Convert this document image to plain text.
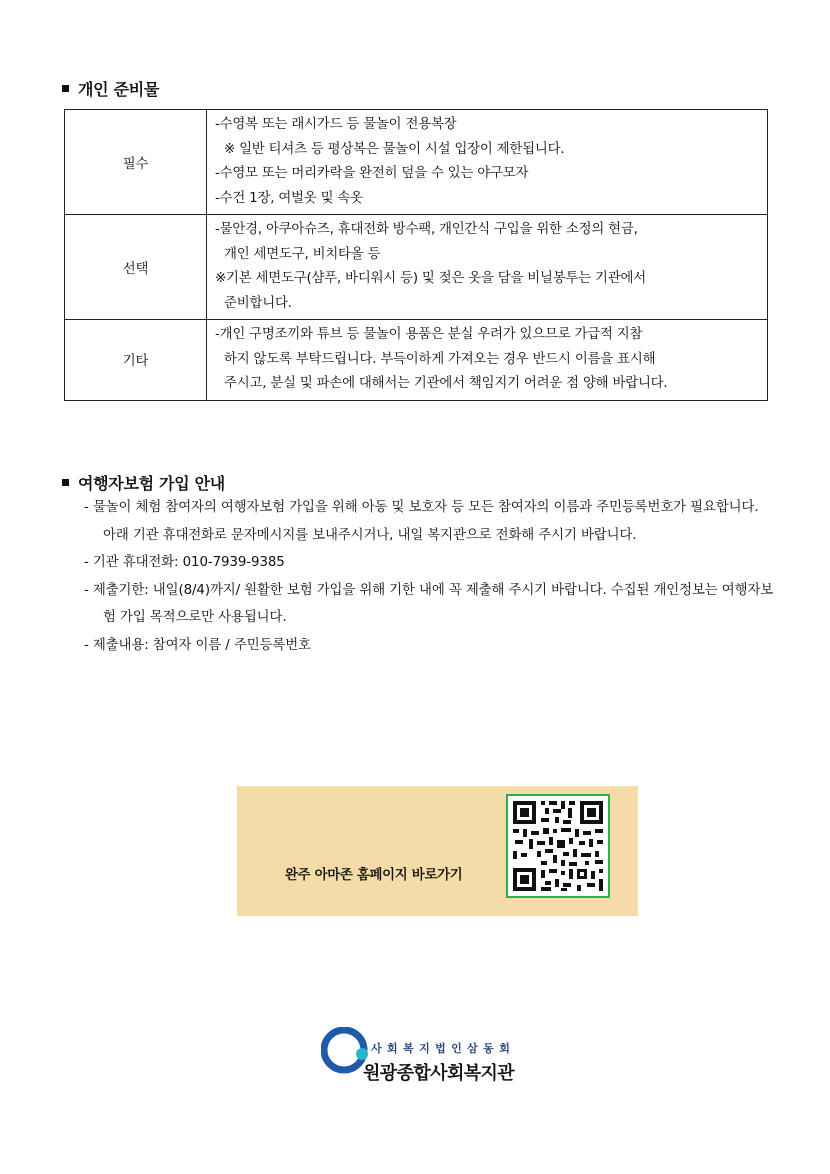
개인 준비물
필수	-수영복 또는 래시가드 등 물놀이 전용복장
※ 일반 티셔츠 등 평상복은 물놀이 시설 입장이 제한됩니다.
-수영모 또는 머리카락을 완전히 덮을 수 있는 야구모자
-수건 1장, 여벌옷 및 속옷

선택	-물안경, 아쿠아슈즈, 휴대전화 방수팩, 개인간식 구입을 위한 소정의 현금,
개인 세면도구, 비치타올 등
※기본 세면도구(샴푸, 바디워시 등) 및 젖은 옷을 담을 비닐봉투는 기관에서
준비합니다.

기타	-개인 구명조끼와 튜브 등 물놀이 용품은 분실 우려가 있으므로 가급적 지참
하지 않도록 부탁드립니다. 부득이하게 가져오는 경우 반드시 이름을 표시해
주시고, 분실 및 파손에 대해서는 기관에서 책임지기 어려운 점 양해 바랍니다.
여행자보험 가입 안내

- 물놀이 체험 참여자의 여행자보험 가입을 위해 아동 및 보호자 등 모든 참여자의 이름과 주민등록번호가 필요합니다. 아래 기관 휴대전화로 문자메시지를 보내주시거나, 내일 복지관으로 전화해 주시기 바랍니다.

- 기관 휴대전화: 010-7939-9385

- 제출기한: 내일(8/4)까지/ 원활한 보험 가입을 위해 기한 내에 꼭 제출해 주시기 바랍니다. 수집된 개인정보는 여행자보험 가입 목적으로만 사용됩니다.

- 제출내용: 참여자 이름 / 주민등록번호

완주 아마존 홈페이지 바로가기
사회복지법인삼동회
원광종합사회복지관
